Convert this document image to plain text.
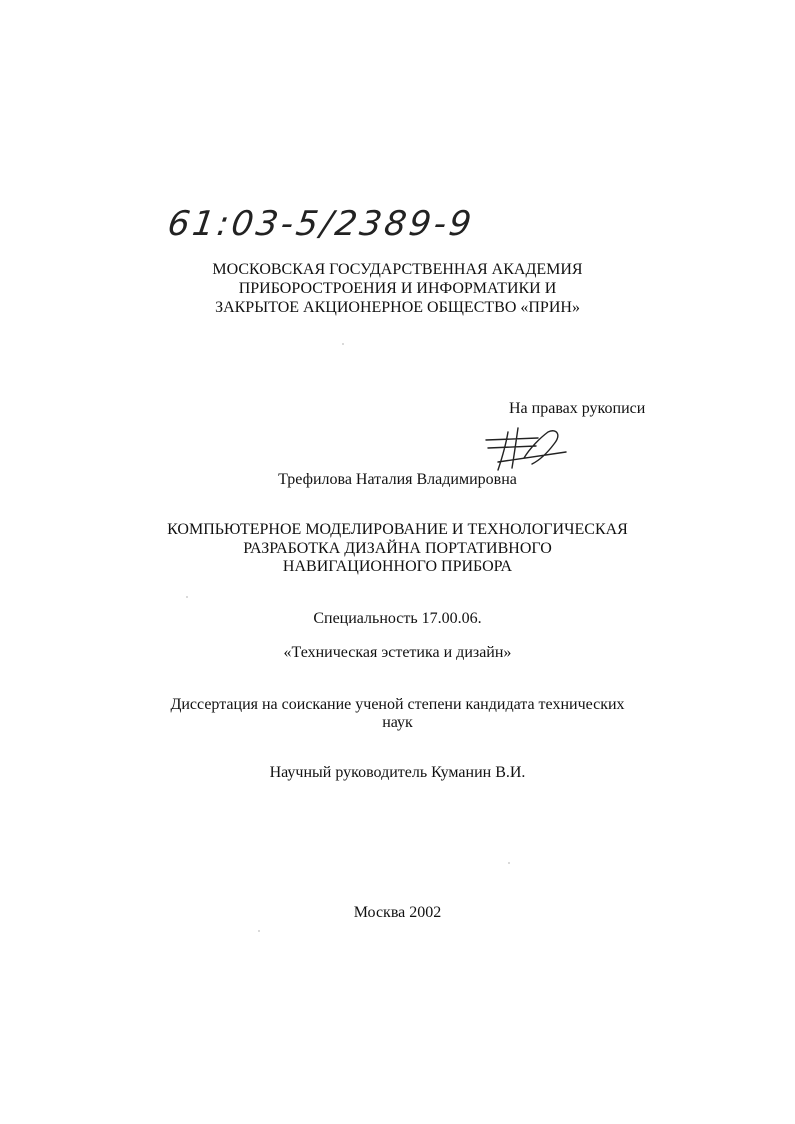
61:03-5/2389-9
МОСКОВСКАЯ ГОСУДАРСТВЕННАЯ АКАДЕМИЯ
ПРИБОРОСТРОЕНИЯ И ИНФОРМАТИКИ И
ЗАКРЫТОЕ АКЦИОНЕРНОЕ ОБЩЕСТВО «ПРИН»
На правах рукописи
Трефилова Наталия Владимировна
КОМПЬЮТЕРНОЕ МОДЕЛИРОВАНИЕ И ТЕХНОЛОГИЧЕСКАЯ
РАЗРАБОТКА ДИЗАЙНА ПОРТАТИВНОГО
НАВИГАЦИОННОГО ПРИБОРА
Специальность 17.00.06.
«Техническая эстетика и дизайн»
Диссертация на соискание ученой степени кандидата технических
наук
Научный руководитель Куманин В.И.
Москва 2002
